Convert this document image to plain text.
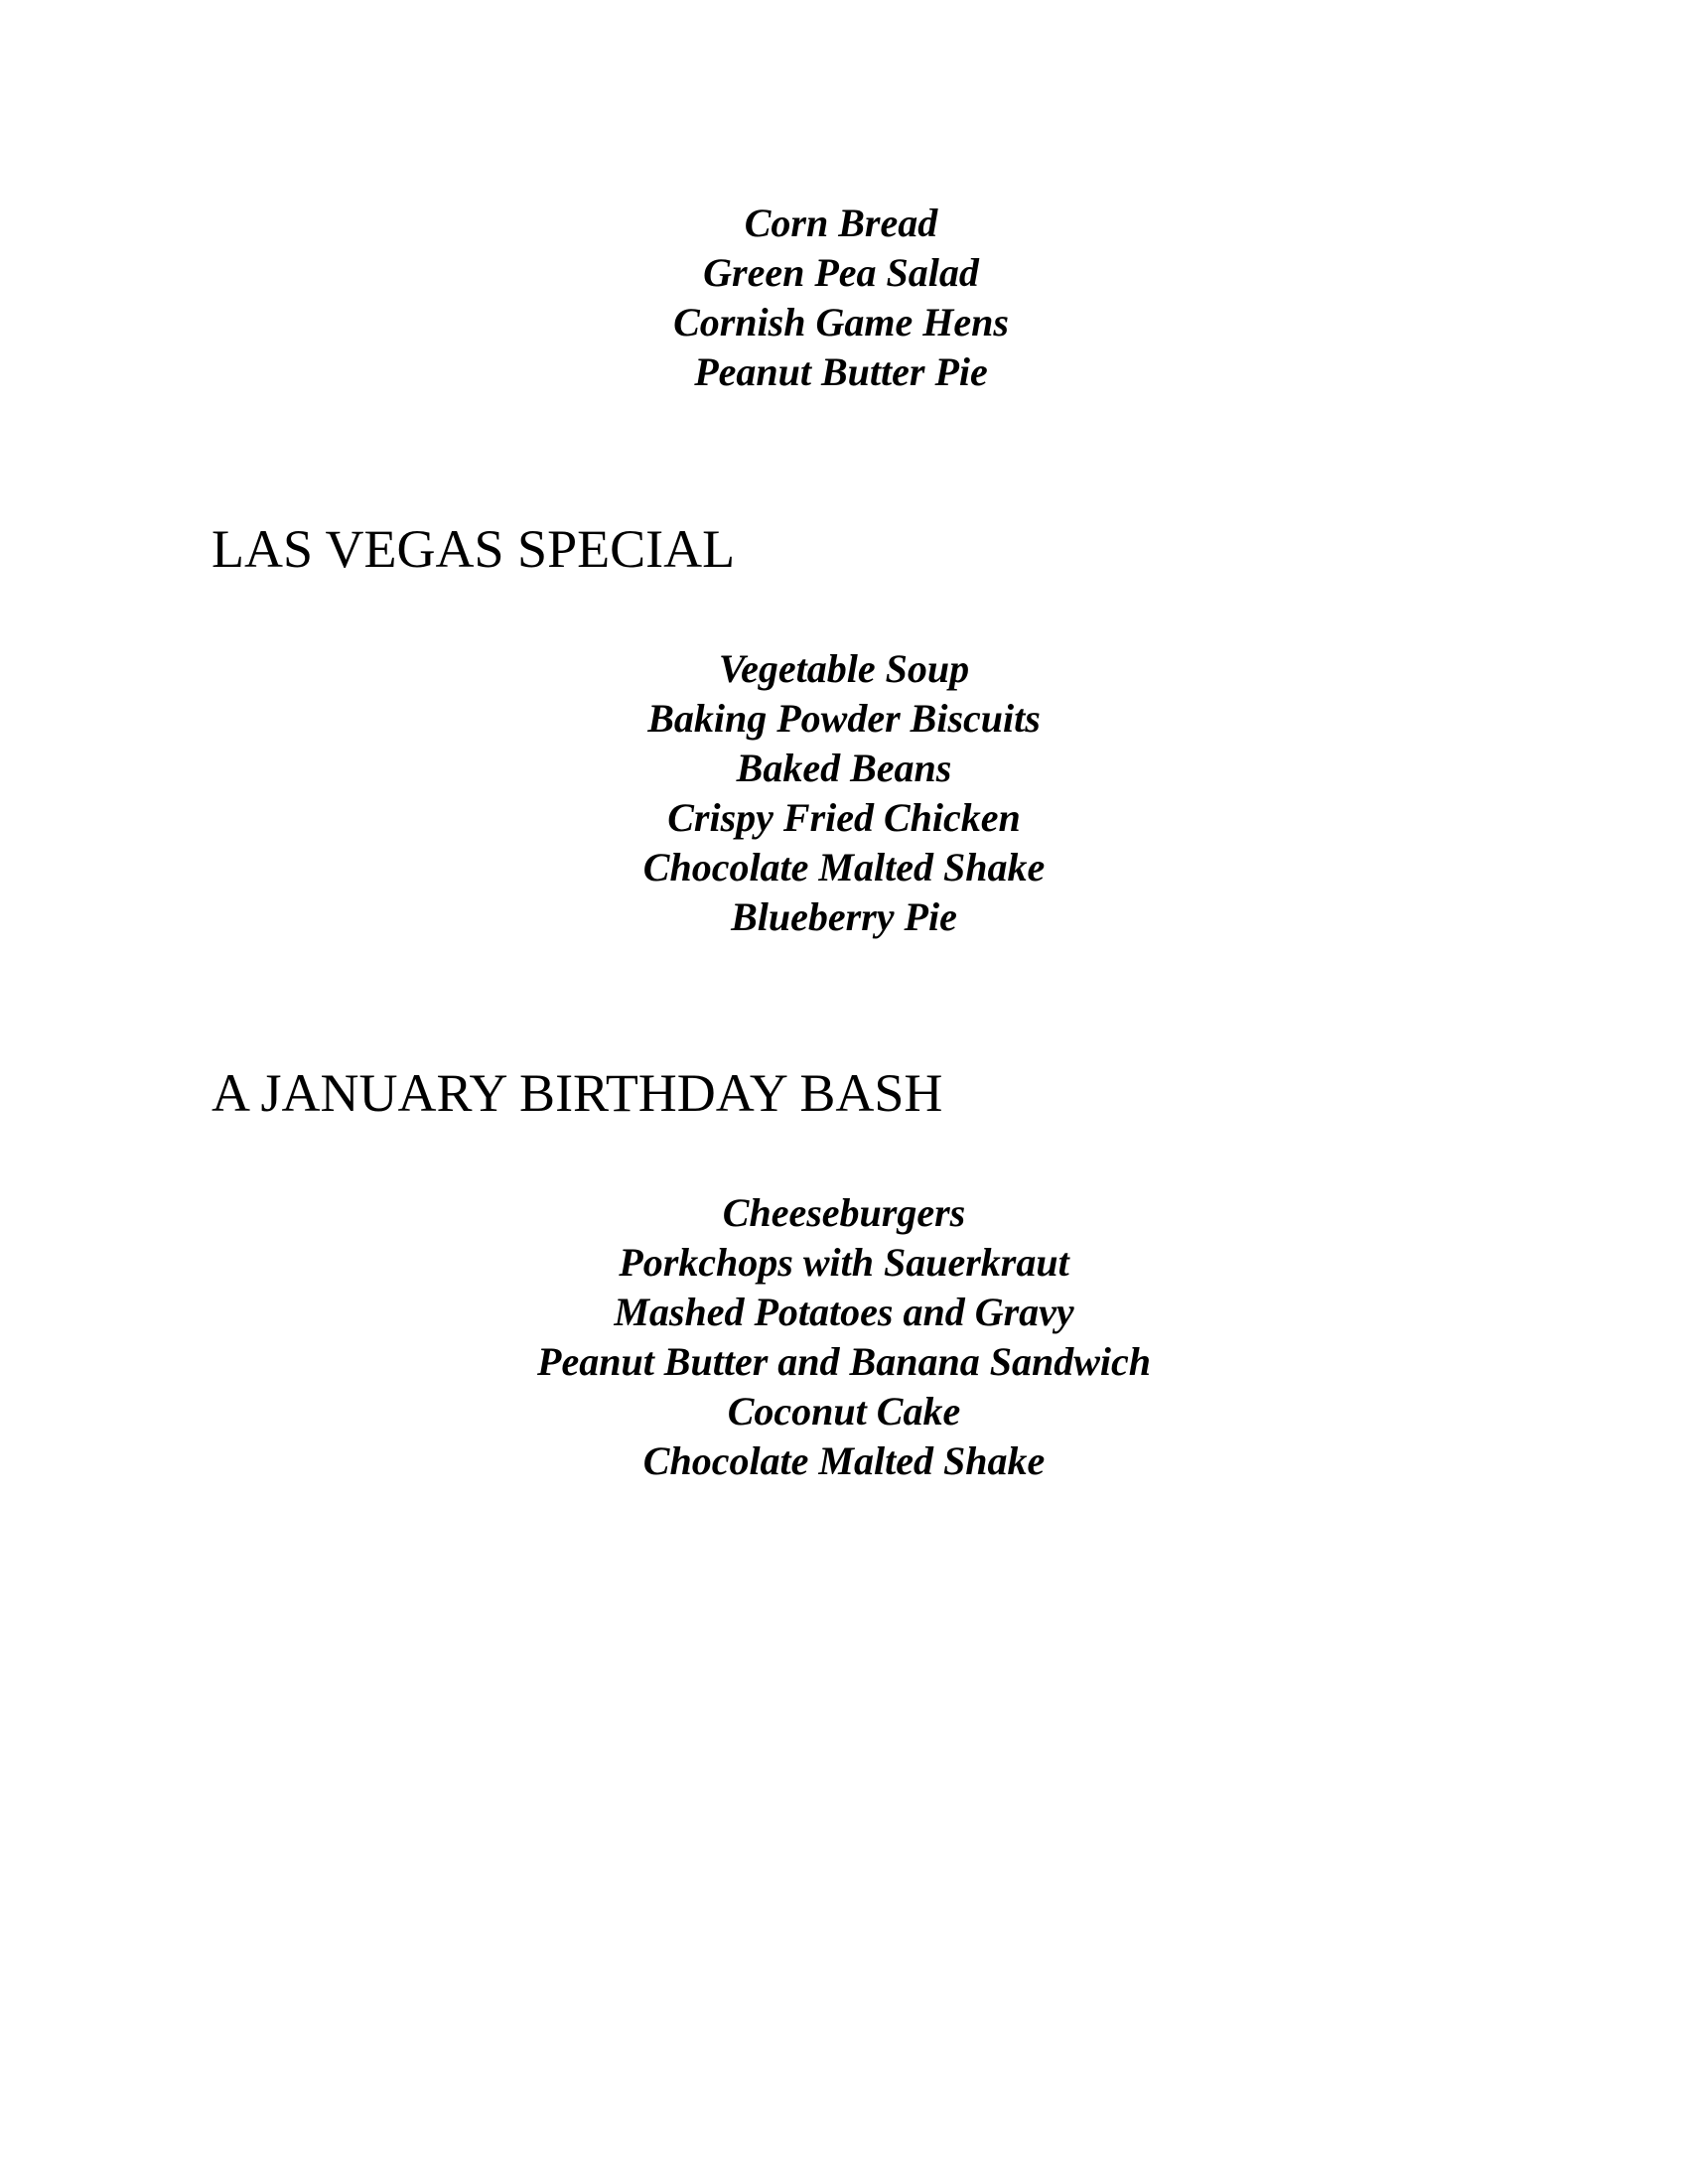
Corn Bread
Green Pea Salad
Cornish Game Hens
Peanut Butter Pie
LAS VEGAS SPECIAL
Vegetable Soup
Baking Powder Biscuits
Baked Beans
Crispy Fried Chicken
Chocolate Malted Shake
Blueberry Pie
A JANUARY BIRTHDAY BASH
Cheeseburgers
Porkchops with Sauerkraut
Mashed Potatoes and Gravy
Peanut Butter and Banana Sandwich
Coconut Cake
Chocolate Malted Shake
